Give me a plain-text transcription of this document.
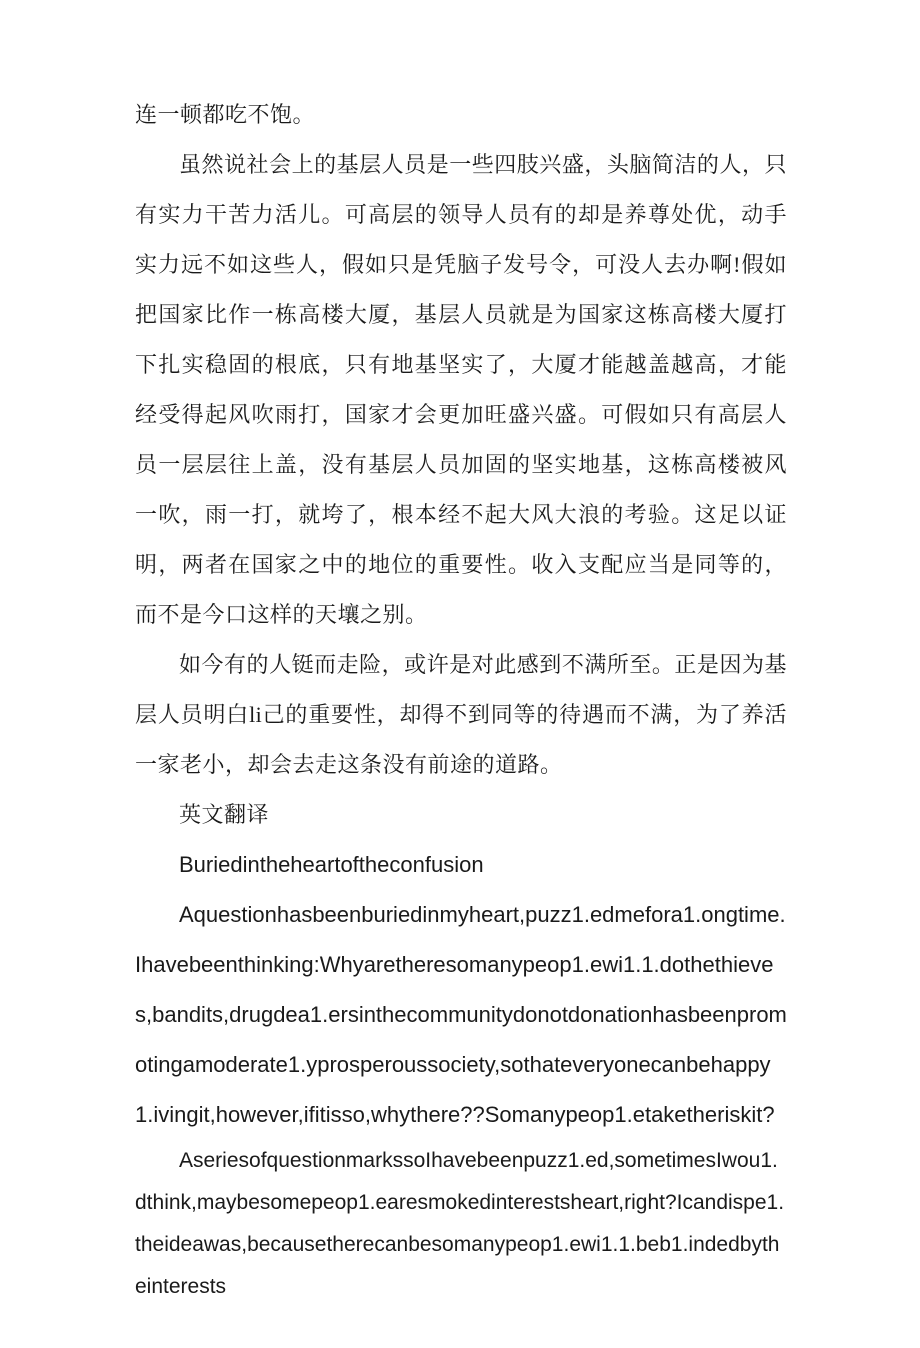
连一顿都吃不饱。

虽然说社会上的基层人员是一些四肢兴盛，头脑简洁的人，只有实力干苦力活儿。可高层的领导人员有的却是养尊处优，动手实力远不如这些人，假如只是凭脑子发号令，可没人去办啊!假如把国家比作一栋高楼大厦，基层人员就是为国家这栋高楼大厦打下扎实稳固的根底，只有地基坚实了，大厦才能越盖越高，才能经受得起风吹雨打，国家才会更加旺盛兴盛。可假如只有高层人员一层层往上盖，没有基层人员加固的坚实地基，这栋高楼被风一吹，雨一打，就垮了，根本经不起大风大浪的考验。这足以证明，两者在国家之中的地位的重要性。收入支配应当是同等的，而不是今口这样的天壤之别。

如今有的人铤而走险，或许是对此感到不满所至。正是因为基层人员明白li己的重要性，却得不到同等的待遇而不满，为了养活一家老小，却会去走这条没有前途的道路。

英文翻译

Buriedintheheartoftheconfusion

Aquestionhasbeenburiedinmyheart,puzz1.edmefora1.ongtime.Ihavebeenthinking:Whyaretheresomanypeop1.ewi1.1.dothethieves,bandits,drugdea1.ersinthecommunitydonotdonationhasbeenpromotingamoderate1.yprosperoussociety,sothateveryonecanbehappy1.ivingit,however,ifitisso,whythere??Somanypeop1.etaketheriskit?

AseriesofquestionmarkssoIhavebeenpuzz1.ed,sometimesIwou1.dthink,maybesomepeop1.earesmokedinterestsheart,right?Icandispe1.theideawas,becausetherecanbesomanypeop1.ewi1.1.beb1.indedbytheinterests
